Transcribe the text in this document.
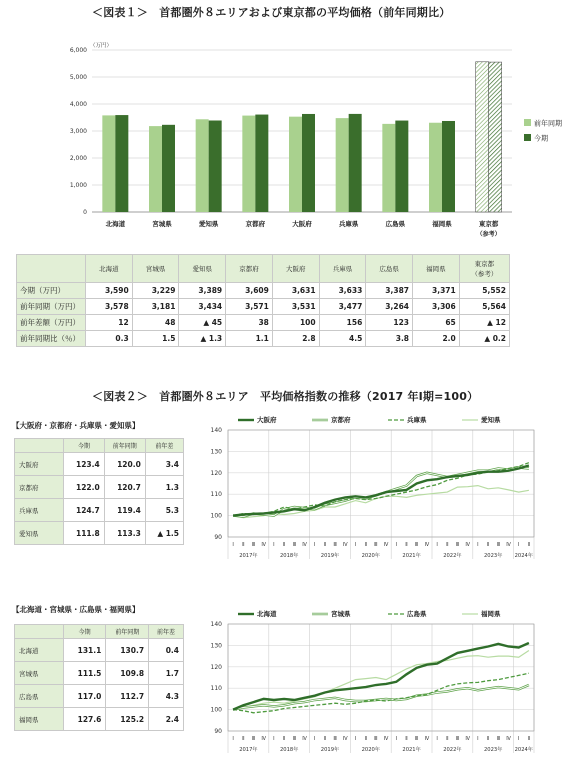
＜図表１＞　首都圏外８エリアおよび東京都の平均価格（前年同期比）
（万円）
0
1,000
2,000
3,000
4,000
5,000
6,000
北海道	宮城県	愛知県	京都府	大阪府	兵庫県	広島県	福岡県	東京都
（参考）
前年同期
今期
	北海道	宮城県	愛知県	京都府	大阪府	兵庫県	広島県	福岡県	東京都
（参考）
今期（万円）	3,590	3,229	3,389	3,609	3,631	3,633	3,387	3,371	5,552
前年同期（万円）	3,578	3,181	3,434	3,571	3,531	3,477	3,264	3,306	5,564
前年差額（万円）	12	48	▲ 45	38	100	156	123	65	▲ 12
前年同期比（％）	0.3	1.5	▲ 1.3	1.1	2.8	4.5	3.8	2.0	▲ 0.2
＜図表２＞　首都圏外８エリア　平均価格指数の推移（2017 年Ⅰ期=100）
【大阪府・京都府・兵庫県・愛知県】
	今期	前年同期	前年差
大阪府	123.4	120.0	3.4
京都府	122.0	120.7	1.3
兵庫県	124.7	119.4	5.3
愛知県	111.8	113.3	▲ 1.5	90
100
110
120
130
140
Ⅰ Ⅱ Ⅲ Ⅳ Ⅰ Ⅱ Ⅲ Ⅳ Ⅰ Ⅱ Ⅲ Ⅳ Ⅰ Ⅱ Ⅲ Ⅳ Ⅰ Ⅱ Ⅲ Ⅳ Ⅰ Ⅱ Ⅲ Ⅳ Ⅰ Ⅱ Ⅲ Ⅳ Ⅰ Ⅱ
2017年	2018年	2019年	2020年	2021年	2022年	2023年 2024年
大阪府	京都府	兵庫県	愛知県
【北海道・宮城県・広島県・福岡県】
	今期	前年同期	前年差
北海道	131.1	130.7	0.4
宮城県	111.5	109.8	1.7
広島県	117.0	112.7	4.3
福岡県	127.6	125.2	2.4
90
100
110
120
130
140
Ⅰ Ⅱ Ⅲ Ⅳ Ⅰ Ⅱ Ⅲ Ⅳ Ⅰ Ⅱ Ⅲ Ⅳ Ⅰ Ⅱ Ⅲ Ⅳ Ⅰ Ⅱ Ⅲ Ⅳ Ⅰ Ⅱ Ⅲ Ⅳ Ⅰ Ⅱ Ⅲ Ⅳ Ⅰ Ⅱ
2017年	2018年	2019年	2020年	2021年	2022年	2023年 2024年
北海道	宮城県	広島県	福岡県
